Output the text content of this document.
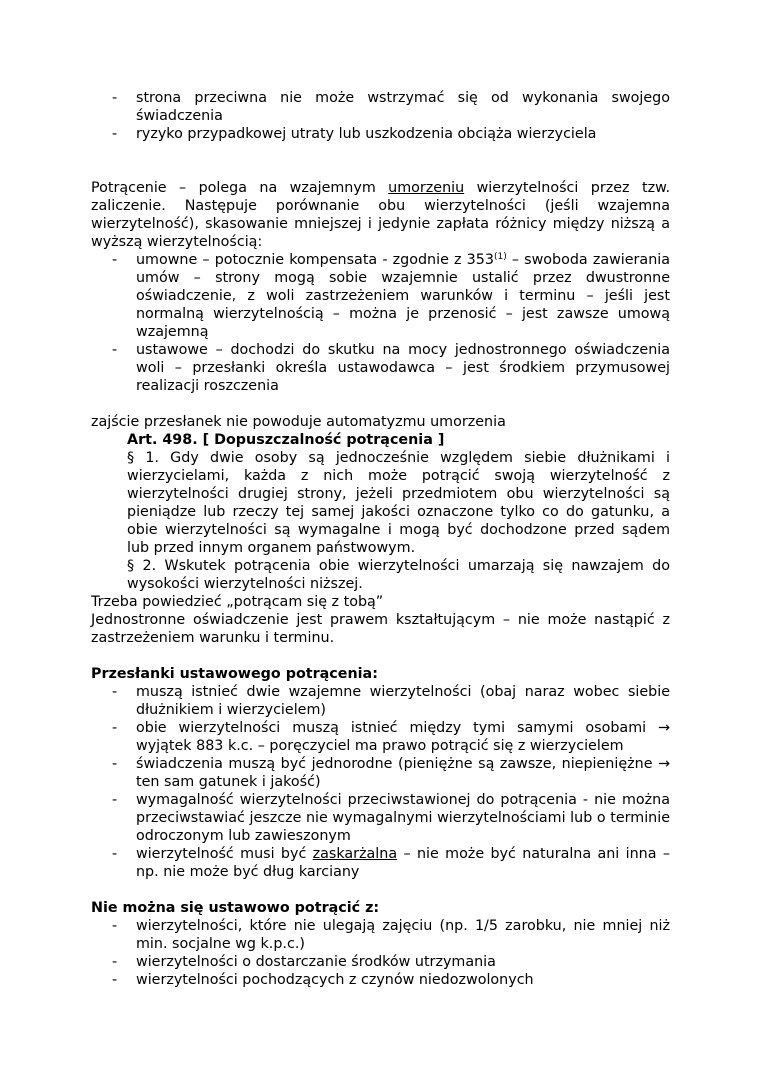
- strona przeciwna nie może wstrzymać się od wykonania swojego świadczenia
- ryzyko przypadkowej utraty lub uszkodzenia obciąża wierzyciela

Potrącenie – polega na wzajemnym umorzeniu wierzytelności przez tzw. zaliczenie. Następuje porównanie obu wierzytelności (jeśli wzajemna wierzytelność), skasowanie mniejszej i jedynie zapłata różnicy między niższą a wyższą wierzytelnością:

- umowne – potocznie kompensata - zgodnie z 353$^{(1)}$ – swoboda zawierania umów – strony mogą sobie wzajemnie ustalić przez dwustronne oświadczenie, z woli zastrzeżeniem warunków i terminu – jeśli jest normalną wierzytelnością – można je przenosić – jest zawsze umową wzajemną
- ustawowe – dochodzi do skutku na mocy jednostronnego oświadczenia woli – przesłanki określa ustawodawca – jest środkiem przymusowej realizacji roszczenia

zajście przesłanek nie powoduje automatyzmu umorzenia

Art. 498. [ Dopuszczalność potrącenia ]

§ 1. Gdy dwie osoby są jednocześnie względem siebie dłużnikami i wierzycielami, każda z nich może potrącić swoją wierzytelność z wierzytelności drugiej strony, jeżeli przedmiotem obu wierzytelności są pieniądze lub rzeczy tej samej jakości oznaczone tylko co do gatunku, a obie wierzytelności są wymagalne i mogą być dochodzone przed sądem lub przed innym organem państwowym.

§ 2. Wskutek potrącenia obie wierzytelności umarzają się nawzajem do wysokości wierzytelności niższej.

Trzeba powiedzieć „potrącam się z tobą”

Jednostronne oświadczenie jest prawem kształtującym – nie może nastąpić z zastrzeżeniem warunku i terminu.

Przesłanki ustawowego potrącenia:

- muszą istnieć dwie wzajemne wierzytelności (obaj naraz wobec siebie dłużnikiem i wierzycielem)
- obie wierzytelności muszą istnieć między tymi samymi osobami → wyjątek 883 k.c. – poręczyciel ma prawo potrącić się z wierzycielem
- świadczenia muszą być jednorodne (pieniężne są zawsze, niepieniężne → ten sam gatunek i jakość)
- wymagalność wierzytelności przeciwstawionej do potrącenia - nie można przeciwstawiać jeszcze nie wymagalnymi wierzytelnościami lub o terminie odroczonym lub zawieszonym
- wierzytelność musi być zaskarżalna – nie może być naturalna ani inna – np. nie może być dług karciany

Nie można się ustawowo potrącić z:

- wierzytelności, które nie ulegają zajęciu (np. 1/5 zarobku, nie mniej niż min. socjalne wg k.p.c.)
- wierzytelności o dostarczanie środków utrzymania
- wierzytelności pochodzących z czynów niedozwolonych
